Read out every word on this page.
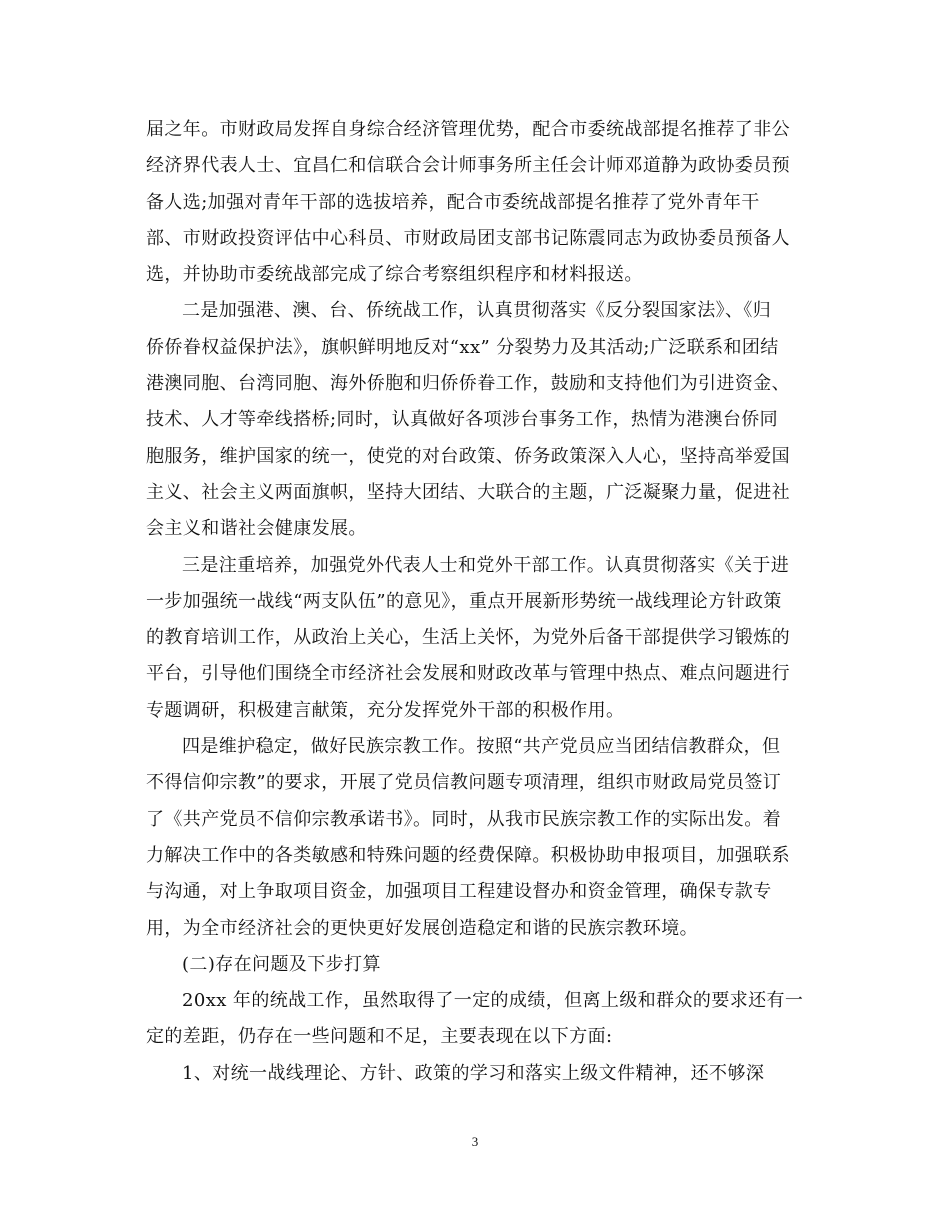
届之年。市财政局发挥自身综合经济管理优势，配合市委统战部提名推荐了非公
经济界代表人士、宜昌仁和信联合会计师事务所主任会计师邓道静为政协委员预
备人选;加强对青年干部的选拔培养，配合市委统战部提名推荐了党外青年干
部、市财政投资评估中心科员、市财政局团支部书记陈震同志为政协委员预备人
选，并协助市委统战部完成了综合考察组织程序和材料报送。
二是加强港、澳、台、侨统战工作，认真贯彻落实《反分裂国家法》、《归
侨侨眷权益保护法》，旗帜鲜明地反对“xx” 分裂势力及其活动;广泛联系和团结
港澳同胞、台湾同胞、海外侨胞和归侨侨眷工作，鼓励和支持他们为引进资金、
技术、人才等牵线搭桥;同时，认真做好各项涉台事务工作，热情为港澳台侨同
胞服务，维护国家的统一，使党的对台政策、侨务政策深入人心，坚持高举爱国
主义、社会主义两面旗帜，坚持大团结、大联合的主题，广泛凝聚力量，促进社
会主义和谐社会健康发展。
三是注重培养，加强党外代表人士和党外干部工作。认真贯彻落实《关于进
一步加强统一战线“两支队伍”的意见》，重点开展新形势统一战线理论方针政策
的教育培训工作，从政治上关心，生活上关怀，为党外后备干部提供学习锻炼的
平台，引导他们围绕全市经济社会发展和财政改革与管理中热点、难点问题进行
专题调研，积极建言献策，充分发挥党外干部的积极作用。
四是维护稳定，做好民族宗教工作。按照“共产党员应当团结信教群众，但
不得信仰宗教”的要求，开展了党员信教问题专项清理，组织市财政局党员签订
了《共产党员不信仰宗教承诺书》。同时，从我市民族宗教工作的实际出发。着
力解决工作中的各类敏感和特殊问题的经费保障。积极协助申报项目，加强联系
与沟通，对上争取项目资金，加强项目工程建设督办和资金管理，确保专款专
用，为全市经济社会的更快更好发展创造稳定和谐的民族宗教环境。
(二)存在问题及下步打算
20xx 年的统战工作，虽然取得了一定的成绩，但离上级和群众的要求还有一
定的差距，仍存在一些问题和不足，主要表现在以下方面:
1、对统一战线理论、方针、政策的学习和落实上级文件精神，还不够深
3
